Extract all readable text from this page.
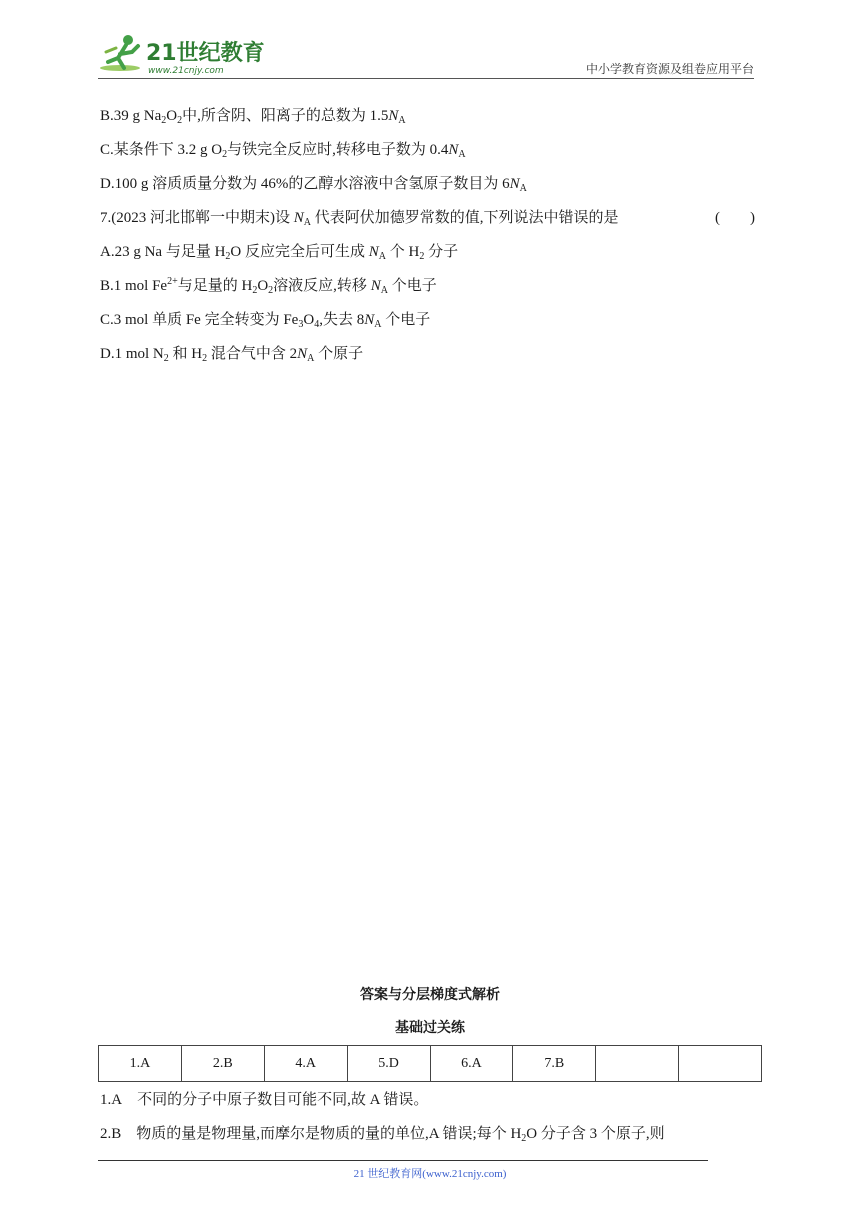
21世纪教育
www.21cnjy.com	中小学教育资源及组卷应用平台
B.39 g $Na_2O_2$中,所含阴、阳离子的总数为 $1.5N_A$
C.某条件下 3.2 g $O_2$与铁完全反应时,转移电子数为 $0.4N_A$
D.100 g 溶质质量分数为 46%的乙醇水溶液中含氢原子数目为 $6N_A$
7.(2023 河北邯郸一中期末)设 $N_A$ 代表阿伏加德罗常数的值,下列说法中错误的是	(　　)
A.23 g Na 与足量 $H_2O$ 反应完全后可生成 $N_A$ 个 $H_2$ 分子
B.1 mol $Fe^{2+}$与足量的 $H_2O_2$溶液反应,转移 $N_A$ 个电子
C.3 mol 单质 Fe 完全转变为 $Fe_3O_4$,失去 $8N_A$ 个电子
D.1 mol $N_2$ 和 $H_2$ 混合气中含 $2N_A$ 个原子
答案与分层梯度式解析
基础过关练
1.A	2.B	4.A	5.D	6.A	7.B		
1.A 不同的分子中原子数目可能不同,故 A 错误。
2.B 物质的量是物理量,而摩尔是物质的量的单位,A 错误;每个 $H_2O$ 分子含 3 个原子,则
21 世纪教育网(www.21cnjy.com)
